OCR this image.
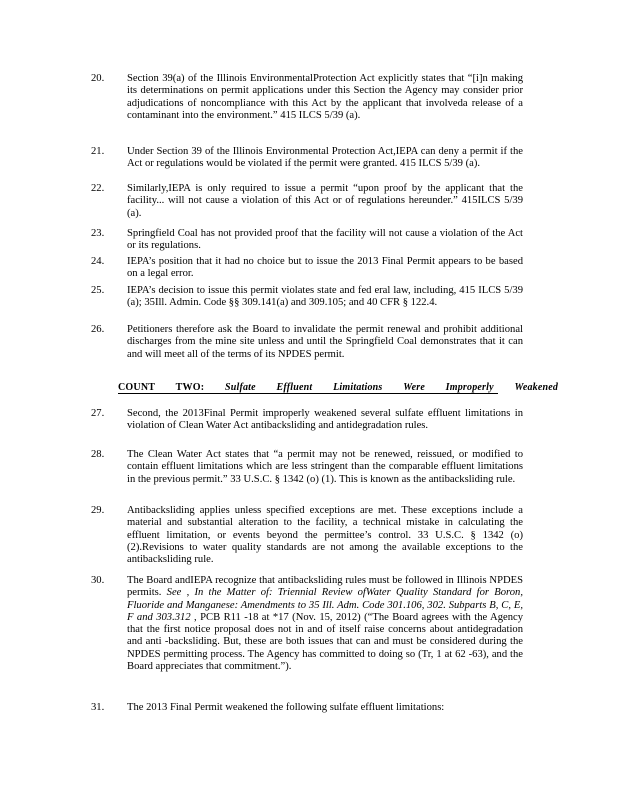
20. Section 39(a) of the Illinois EnvironmentalProtection Act explicitly states that “[i]n making its determinations on permit applications under this Section the Agency may consider prior adjudications of noncompliance with this Act by the applicant that involveda release of a contaminant into the environment.” 415 ILCS 5/39 (a).
21. Under Section 39 of the Illinois Environmental Protection Act,IEPA can deny a permit if the Act or regulations would be violated if the permit were granted. 415 ILCS 5/39 (a).
22. Similarly,IEPA is only required to issue a permit “upon proof by the applicant that the facility... will not cause a violation of this Act or of regulations hereunder.” 415ILCS 5/39 (a).
23. Springfield Coal has not provided proof that the facility will not cause a violation of the Act or its regulations.
24. IEPA’s position that it had no choice but to issue the 2013 Final Permit appears to be based on a legal error.
25. IEPA’s decision to issue this permit violates state and fed eral law, including, 415 ILCS 5/39 (a); 35Ill. Admin. Code §§ 309.141(a) and 309.105; and 40 CFR § 122.4.
26. Petitioners therefore ask the Board to invalidate the permit renewal and prohibit additional discharges from the mine site unless and until the Springfield Coal demonstrates that it can and will meet all of the terms of its NPDES permit.
COUNT TWO: Sulfate Effluent Limitations Were Improperly Weakened
27. Second, the 2013Final Permit improperly weakened several sulfate effluent limitations in violation of Clean Water Act antibacksliding and antidegradation rules.
28. The Clean Water Act states that “a permit may not be renewed, reissued, or modified to contain effluent limitations which are less stringent than the comparable effluent limitations in the previous permit.” 33 U.S.C. § 1342 (o) (1). This is known as the antibacksliding rule.
29. Antibacksliding applies unless specified exceptions are met. These exceptions include a material and substantial alteration to the facility, a technical mistake in calculating the effluent limitation, or events beyond the permittee’s control. 33 U.S.C. § 1342 (o) (2).Revisions to water quality standards are not among the available exceptions to the antibacksliding rule.
30. The Board andIEPA recognize that antibacksliding rules must be followed in Illinois NPDES permits. See , In the Matter of: Triennial Review ofWater Quality Standard for Boron, Fluoride and Manganese: Amendments to 35 Ill. Adm. Code 301.106, 302. Subparts B, C, E, F and 303.312 , PCB R11 -18 at *17 (Nov. 15, 2012) (“The Board agrees with the Agency that the first notice proposal does not in and of itself raise concerns about antidegradation and anti -backsliding. But, these are both issues that can and must be considered during the NPDES permitting process. The Agency has committed to doing so (Tr, 1 at 62 -63), and the Board appreciates that commitment.”).
31. The 2013 Final Permit weakened the following sulfate effluent limitations:
